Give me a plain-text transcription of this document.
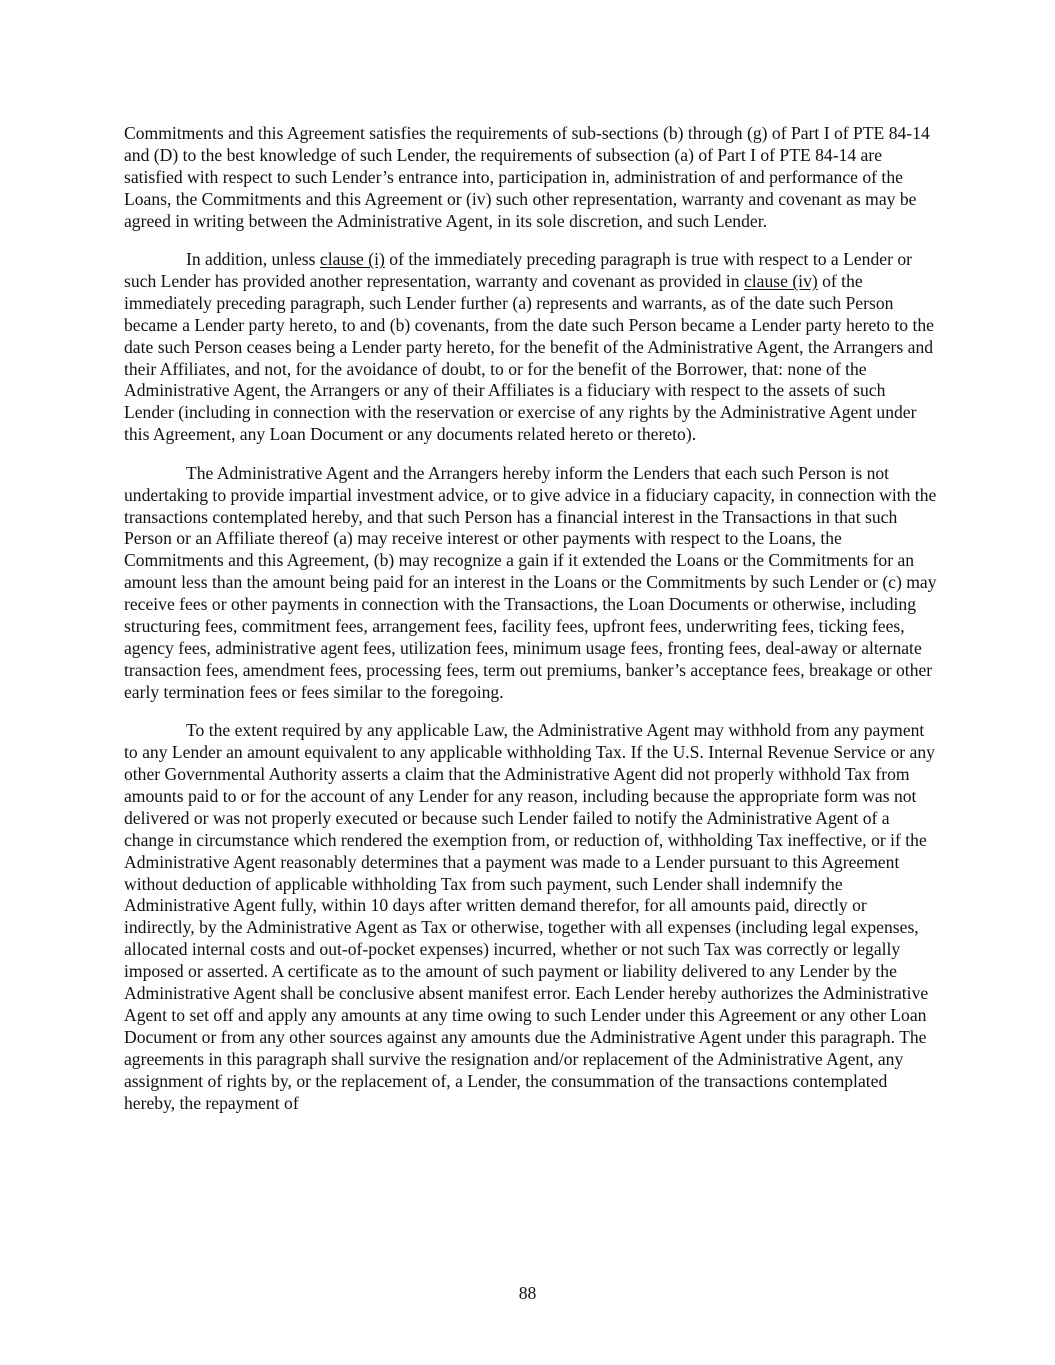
Commitments and this Agreement satisfies the requirements of sub-sections (b) through (g) of Part I of PTE 84-14 and (D) to the best knowledge of such Lender, the requirements of subsection (a) of Part I of PTE 84-14 are satisfied with respect to such Lender’s entrance into, participation in, administration of and performance of the Loans, the Commitments and this Agreement or (iv) such other representation, warranty and covenant as may be agreed in writing between the Administrative Agent, in its sole discretion, and such Lender.

In addition, unless clause (i) of the immediately preceding paragraph is true with respect to a Lender or such Lender has provided another representation, warranty and covenant as provided in clause (iv) of the immediately preceding paragraph, such Lender further (a) represents and warrants, as of the date such Person became a Lender party hereto, to and (b) covenants, from the date such Person became a Lender party hereto to the date such Person ceases being a Lender party hereto, for the benefit of the Administrative Agent, the Arrangers and their Affiliates, and not, for the avoidance of doubt, to or for the benefit of the Borrower, that: none of the Administrative Agent, the Arrangers or any of their Affiliates is a fiduciary with respect to the assets of such Lender (including in connection with the reservation or exercise of any rights by the Administrative Agent under this Agreement, any Loan Document or any documents related hereto or thereto).

The Administrative Agent and the Arrangers hereby inform the Lenders that each such Person is not undertaking to provide impartial investment advice, or to give advice in a fiduciary capacity, in connection with the transactions contemplated hereby, and that such Person has a financial interest in the Transactions in that such Person or an Affiliate thereof (a) may receive interest or other payments with respect to the Loans, the Commitments and this Agreement, (b) may recognize a gain if it extended the Loans or the Commitments for an amount less than the amount being paid for an interest in the Loans or the Commitments by such Lender or (c) may receive fees or other payments in connection with the Transactions, the Loan Documents or otherwise, including structuring fees, commitment fees, arrangement fees, facility fees, upfront fees, underwriting fees, ticking fees, agency fees, administrative agent fees, utilization fees, minimum usage fees, fronting fees, deal-away or alternate transaction fees, amendment fees, processing fees, term out premiums, banker’s acceptance fees, breakage or other early termination fees or fees similar to the foregoing.

To the extent required by any applicable Law, the Administrative Agent may withhold from any payment to any Lender an amount equivalent to any applicable withholding Tax. If the U.S. Internal Revenue Service or any other Governmental Authority asserts a claim that the Administrative Agent did not properly withhold Tax from amounts paid to or for the account of any Lender for any reason, including because the appropriate form was not delivered or was not properly executed or because such Lender failed to notify the Administrative Agent of a change in circumstance which rendered the exemption from, or reduction of, withholding Tax ineffective, or if the Administrative Agent reasonably determines that a payment was made to a Lender pursuant to this Agreement without deduction of applicable withholding Tax from such payment, such Lender shall indemnify the Administrative Agent fully, within 10 days after written demand therefor, for all amounts paid, directly or indirectly, by the Administrative Agent as Tax or otherwise, together with all expenses (including legal expenses, allocated internal costs and out-of-pocket expenses) incurred, whether or not such Tax was correctly or legally imposed or asserted. A certificate as to the amount of such payment or liability delivered to any Lender by the Administrative Agent shall be conclusive absent manifest error. Each Lender hereby authorizes the Administrative Agent to set off and apply any amounts at any time owing to such Lender under this Agreement or any other Loan Document or from any other sources against any amounts due the Administrative Agent under this paragraph. The agreements in this paragraph shall survive the resignation and/or replacement of the Administrative Agent, any assignment of rights by, or the replacement of, a Lender, the consummation of the transactions contemplated hereby, the repayment of

88
